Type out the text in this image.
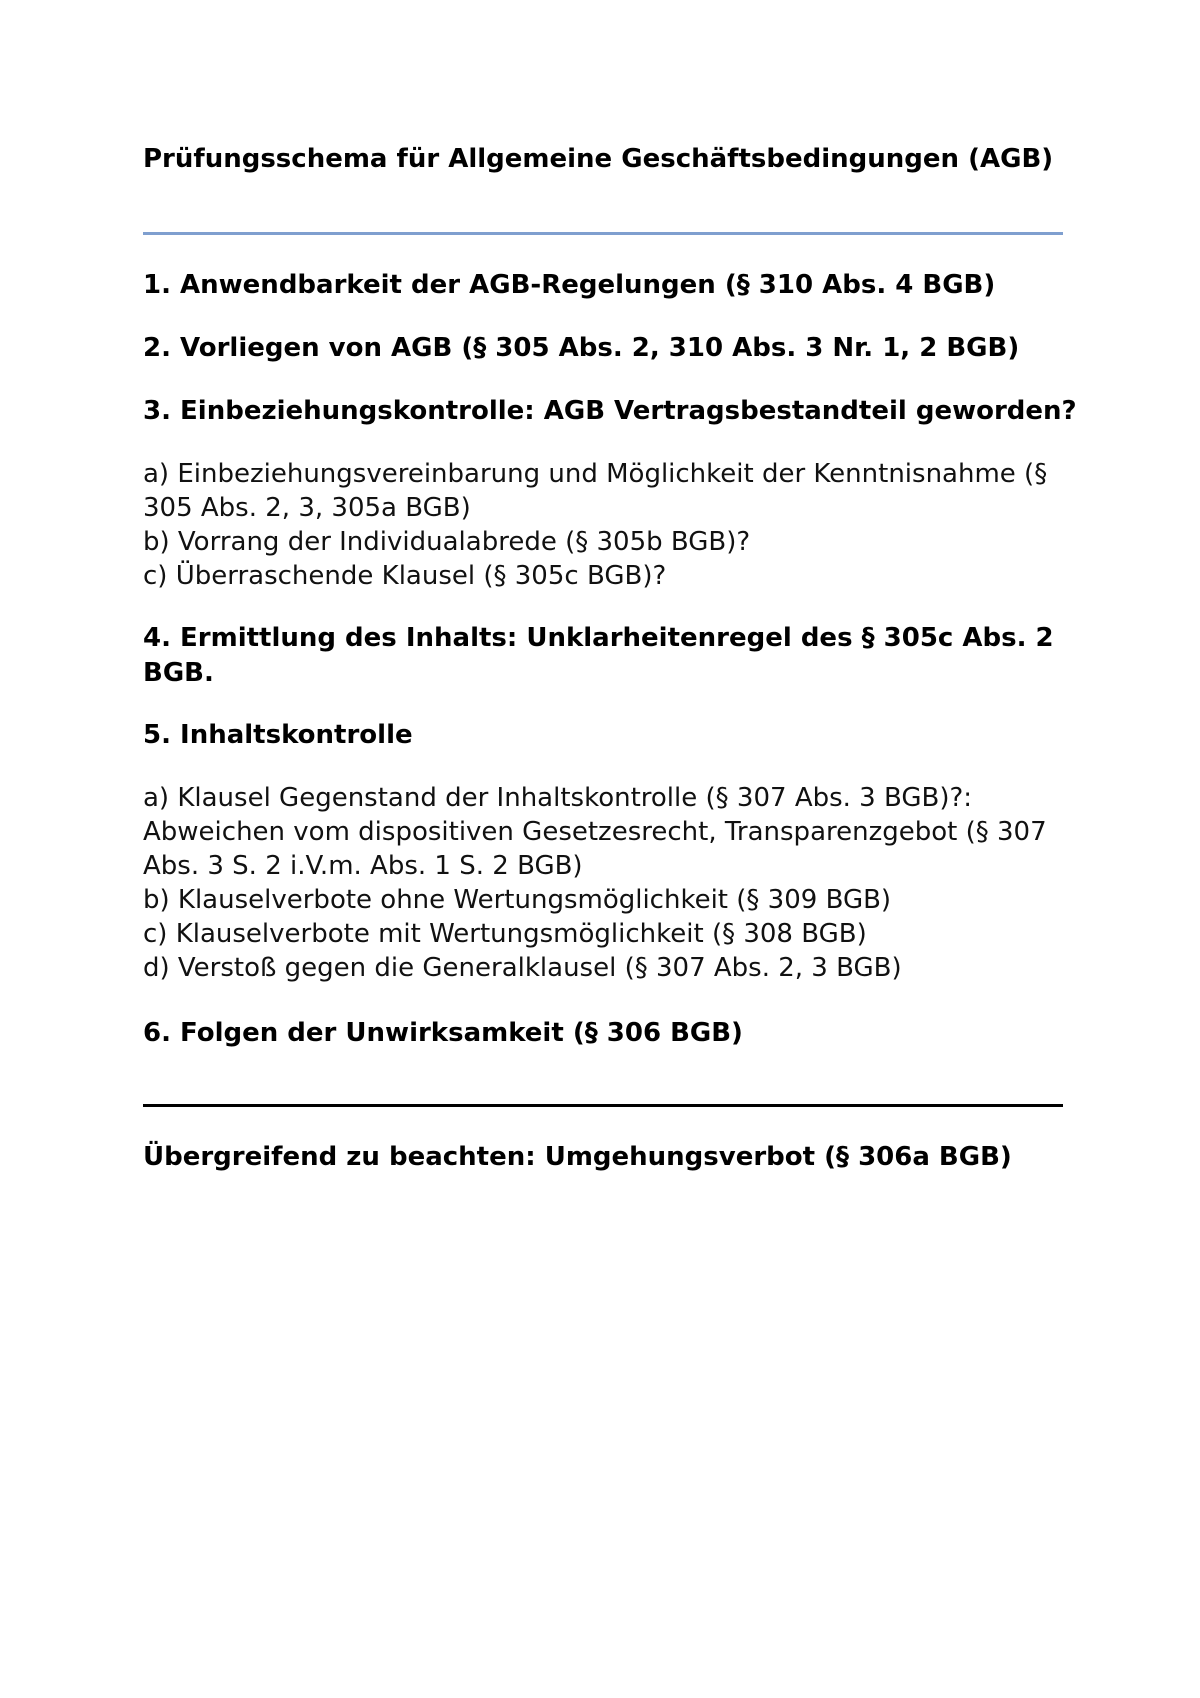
Prüfungsschema für Allgemeine Geschäftsbedingungen (AGB)

1. Anwendbarkeit der AGB-Regelungen (§ 310 Abs. 4 BGB)

2. Vorliegen von AGB (§ 305 Abs. 2, 310 Abs. 3 Nr. 1, 2 BGB)

3. Einbeziehungskontrolle: AGB Vertragsbestandteil geworden?

a) Einbeziehungsvereinbarung und Möglichkeit der Kenntnisnahme (§

305 Abs. 2, 3, 305a BGB)

b) Vorrang der Individualabrede (§ 305b BGB)?

c) Überraschende Klausel (§ 305c BGB)?

4. Ermittlung des Inhalts: Unklarheitenregel des § 305c Abs. 2

BGB.

5. Inhaltskontrolle

a) Klausel Gegenstand der Inhaltskontrolle (§ 307 Abs. 3 BGB)?:

Abweichen vom dispositiven Gesetzesrecht, Transparenzgebot (§ 307

Abs. 3 S. 2 i.V.m. Abs. 1 S. 2 BGB)

b) Klauselverbote ohne Wertungsmöglichkeit (§ 309 BGB)

c) Klauselverbote mit Wertungsmöglichkeit (§ 308 BGB)

d) Verstoß gegen die Generalklausel (§ 307 Abs. 2, 3 BGB)

6. Folgen der Unwirksamkeit (§ 306 BGB)

Übergreifend zu beachten: Umgehungsverbot (§ 306a BGB)
